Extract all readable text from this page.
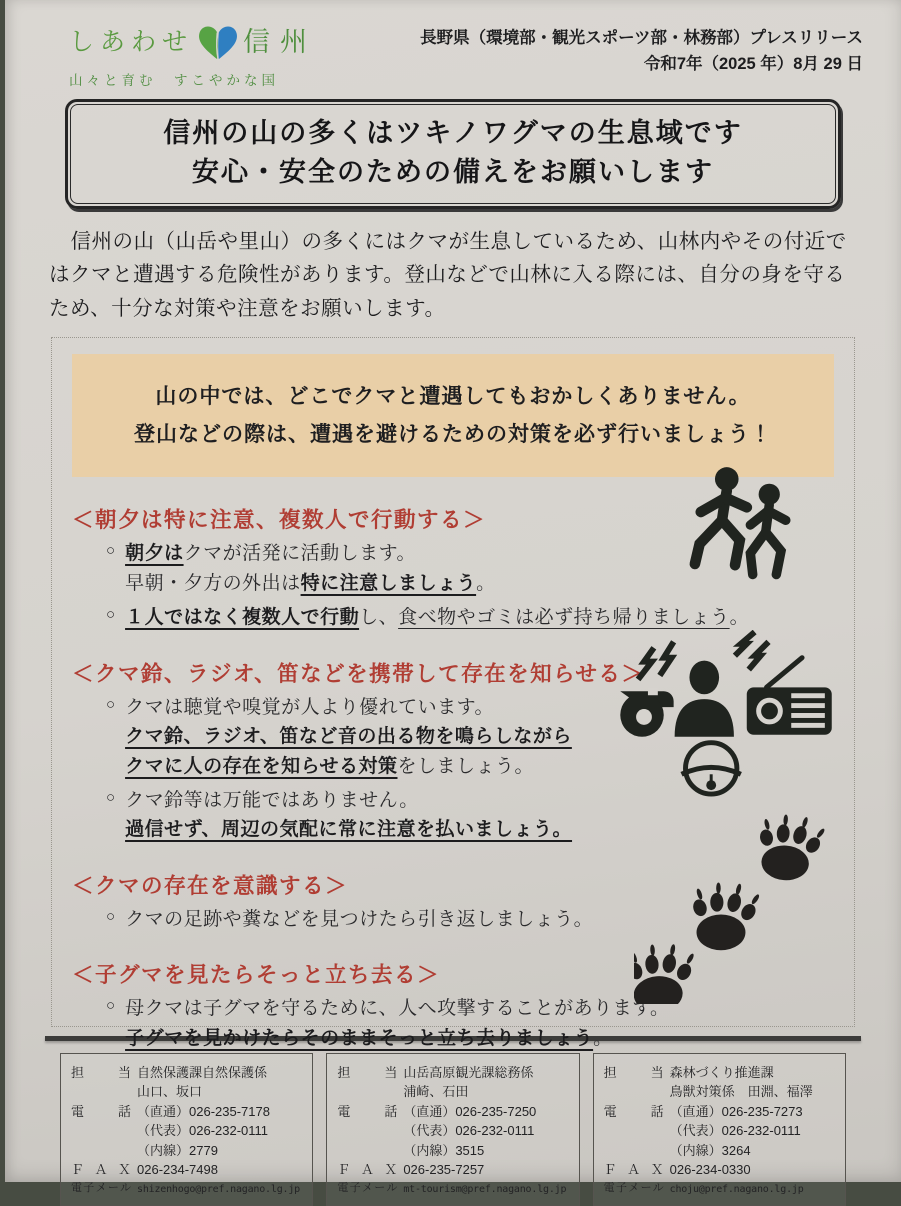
しあわせ 信州
山々と育む　すこやかな国
長野県（環境部・観光スポーツ部・林務部）プレスリリース
令和7年（2025 年）8月 29 日
信州の山の多くはツキノワグマの生息域です
安心・安全のための備えをお願いします
信州の山（山岳や里山）の多くにはクマが生息しているため、山林内やその付近ではクマと遭遇する危険性があります。登山などで山林に入る際には、自分の身を守るため、十分な対策や注意をお願いします。
山の中では、どこでクマと遭遇してもおかしくありません。
登山などの際は、遭遇を避けるための対策を必ず行いましょう！
＜朝夕は特に注意、複数人で行動する＞
○ 朝夕はクマが活発に活動します。
早朝・夕方の外出は特に注意しましょう。
○ １人ではなく複数人で行動し、食べ物やゴミは必ず持ち帰りましょう。
＜クマ鈴、ラジオ、笛などを携帯して存在を知らせる＞
○ クマは聴覚や嗅覚が人より優れています。
クマ鈴、ラジオ、笛など音の出る物を鳴らしながら
クマに人の存在を知らせる対策をしましょう。
○ クマ鈴等は万能ではありません。
過信せず、周辺の気配に常に注意を払いましょう。
＜クマの存在を意識する＞
○ クマの足跡や糞などを見つけたら引き返しましょう。
＜子グマを見たらそっと立ち去る＞
○ 母クマは子グマを守るために、人へ攻撃することがあります。
子グマを見かけたらそのままそっと立ち去りましょう。
担当 自然保護課自然保護係
山口、坂口
電話 （直通）026-235-7178
（代表）026-232-0111
（内線）2779
ＦＡＸ 026-234-7498
電子メール shizenhogo@pref.nagano.lg.jp
担当 山岳高原観光課総務係
浦崎、石田
電話 （直通）026-235-7250
（代表）026-232-0111
（内線）3515
ＦＡＸ 026-235-7257
電子メール mt-tourism@pref.nagano.lg.jp
担当 森林づくり推進課
鳥獣対策係　田淵、福澤
電話 （直通）026-235-7273
（代表）026-232-0111
（内線）3264
ＦＡＸ 026-234-0330
電子メール choju@pref.nagano.lg.jp
